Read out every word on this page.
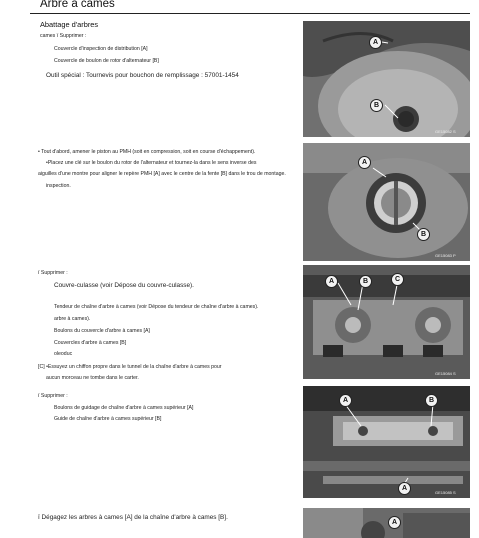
Arbre à cames
Abattage d'arbres
cames ï Supprimer :
Couvercle d'inspection de distribution [A]
Couvercle de boulon de rotor d'alternateur [B]
Outil spécial : Tournevis pour bouchon de remplissage : 57001-1454
A
B
GE15082 S
• Tout d'abord, amener le piston au PMH (soit en compression, soit en course d'échappement).
•Placez une clé sur le boulon du rotor de l'alternateur et tournez-la dans le sens inverse des
aiguilles d'une montre pour aligner le repère PMH [A] avec le centre de la fente [B] dans le trou de montage.
inspection.
A
B
GE15083 P
ï Supprimer :
Couvre-culasse (voir Dépose du couvre-culasse).
Tendeur de chaîne d'arbre à cames (voir Dépose du tendeur de chaîne d'arbre à cames).
arbre à cames).
Boulons du couvercle d'arbre à cames [A]
Couvercles d'arbre à cames [B]
oleoduc
[C] •Essuyez un chiffon propre dans le tunnel de la chaîne d'arbre à cames pour
aucun morceau ne tombe dans le carter.
A	B	C
GE15084 S
ï Supprimer :
Boulons de guidage de chaîne d'arbre à cames supérieur [A]
Guide de chaîne d'arbre à cames supérieur [B]
A	B
A
GE15085 S
ï Dégagez les arbres à cames [A] de la chaîne d'arbre à cames [B].
A
